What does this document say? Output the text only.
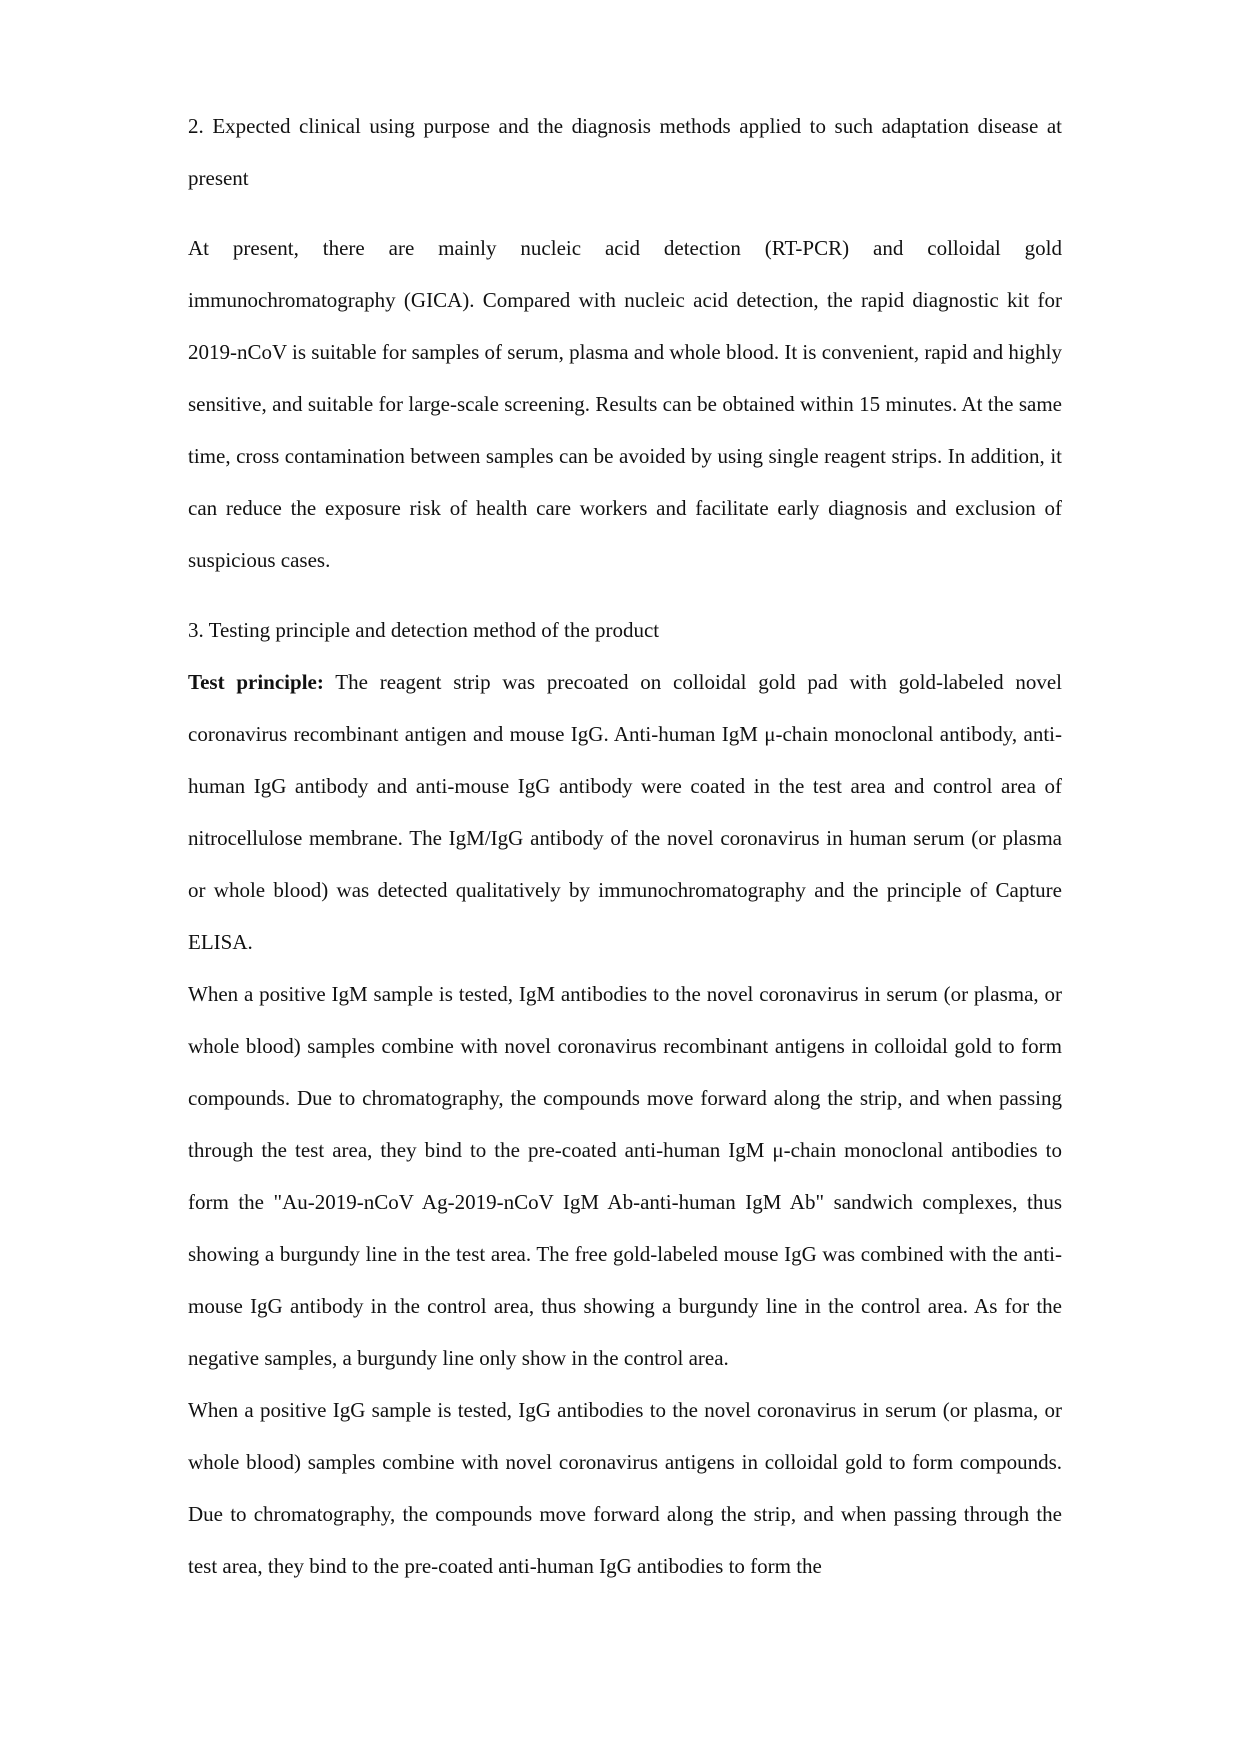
2. Expected clinical using purpose and the diagnosis methods applied to such adaptation disease at present

At present, there are mainly nucleic acid detection (RT-PCR) and colloidal gold immunochromatography (GICA). Compared with nucleic acid detection, the rapid diagnostic kit for 2019-nCoV is suitable for samples of serum, plasma and whole blood. It is convenient, rapid and highly sensitive, and suitable for large-scale screening. Results can be obtained within 15 minutes. At the same time, cross contamination between samples can be avoided by using single reagent strips. In addition, it can reduce the exposure risk of health care workers and facilitate early diagnosis and exclusion of suspicious cases.

3. Testing principle and detection method of the product

Test principle: The reagent strip was precoated on colloidal gold pad with gold-labeled novel coronavirus recombinant antigen and mouse IgG. Anti-human IgM μ-chain monoclonal antibody, anti-human IgG antibody and anti-mouse IgG antibody were coated in the test area and control area of nitrocellulose membrane. The IgM/IgG antibody of the novel coronavirus in human serum (or plasma or whole blood) was detected qualitatively by immunochromatography and the principle of Capture ELISA.

When a positive IgM sample is tested, IgM antibodies to the novel coronavirus in serum (or plasma, or whole blood) samples combine with novel coronavirus recombinant antigens in colloidal gold to form compounds. Due to chromatography, the compounds move forward along the strip, and when passing through the test area, they bind to the pre-coated anti-human IgM μ-chain monoclonal antibodies to form the "Au-2019-nCoV Ag-2019-nCoV IgM Ab-anti-human IgM Ab" sandwich complexes, thus showing a burgundy line in the test area. The free gold-labeled mouse IgG was combined with the anti-mouse IgG antibody in the control area, thus showing a burgundy line in the control area. As for the negative samples, a burgundy line only show in the control area.

When a positive IgG sample is tested, IgG antibodies to the novel coronavirus in serum (or plasma, or whole blood) samples combine with novel coronavirus antigens in colloidal gold to form compounds. Due to chromatography, the compounds move forward along the strip, and when passing through the test area, they bind to the pre-coated anti-human IgG antibodies to form the
